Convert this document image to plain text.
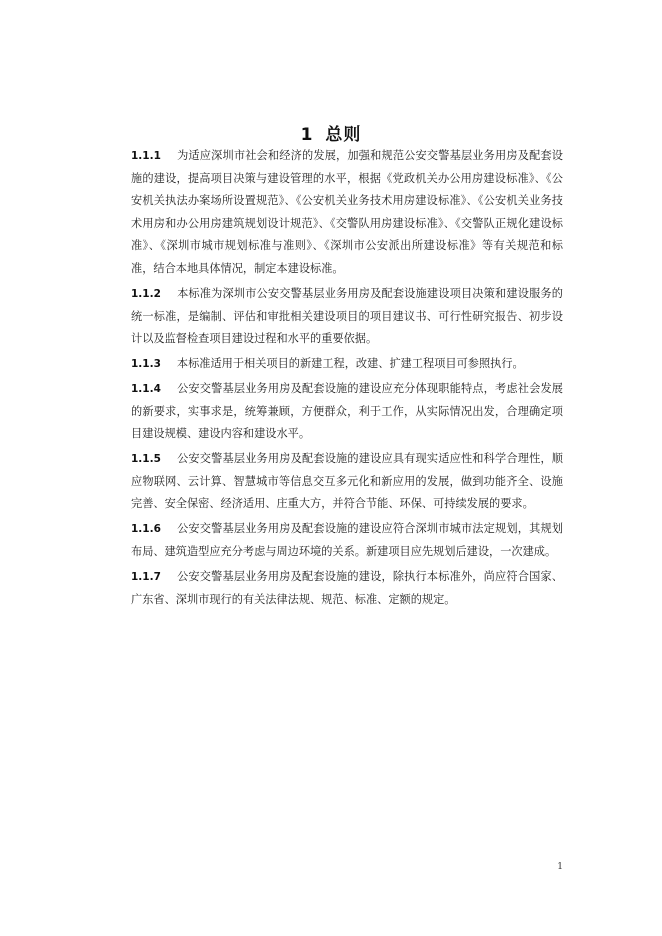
1 总则

1.1.1 为适应深圳市社会和经济的发展，加强和规范公安交警基层业务用房及配套设施的建设，提高项目决策与建设管理的水平，根据《党政机关办公用房建设标准》、《公安机关执法办案场所设置规范》、《公安机关业务技术用房建设标准》、《公安机关业务技术用房和办公用房建筑规划设计规范》、《交警队用房建设标准》、《交警队正规化建设标准》、《深圳市城市规划标准与准则》、《深圳市公安派出所建设标准》等有关规范和标准，结合本地具体情况，制定本建设标准。

1.1.2 本标准为深圳市公安交警基层业务用房及配套设施建设项目决策和建设服务的统一标准，是编制、评估和审批相关建设项目的项目建议书、可行性研究报告、初步设计以及监督检查项目建设过程和水平的重要依据。

1.1.3 本标准适用于相关项目的新建工程，改建、扩建工程项目可参照执行。

1.1.4 公安交警基层业务用房及配套设施的建设应充分体现职能特点，考虑社会发展的新要求，实事求是，统筹兼顾，方便群众，利于工作，从实际情况出发，合理确定项目建设规模、建设内容和建设水平。

1.1.5 公安交警基层业务用房及配套设施的建设应具有现实适应性和科学合理性，顺应物联网、云计算、智慧城市等信息交互多元化和新应用的发展，做到功能齐全、设施完善、安全保密、经济适用、庄重大方，并符合节能、环保、可持续发展的要求。

1.1.6 公安交警基层业务用房及配套设施的建设应符合深圳市城市法定规划，其规划布局、建筑造型应充分考虑与周边环境的关系。新建项目应先规划后建设，一次建成。

1.1.7 公安交警基层业务用房及配套设施的建设，除执行本标准外，尚应符合国家、广东省、深圳市现行的有关法律法规、规范、标准、定额的规定。

1
